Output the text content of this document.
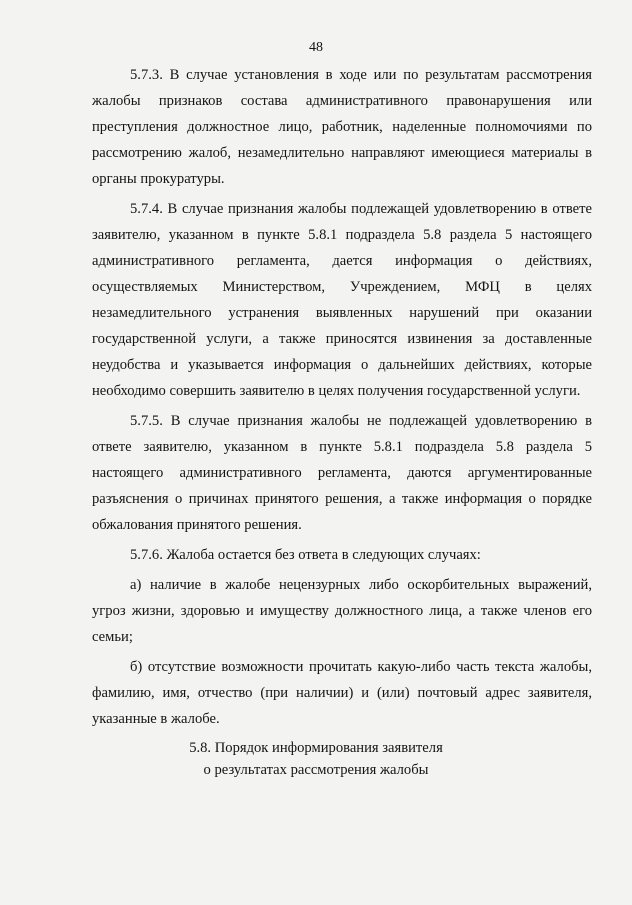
48

5.7.3. В случае установления в ходе или по результатам рассмотрения жалобы признаков состава административного правонарушения или преступления должностное лицо, работник, наделенные полномочиями по рассмотрению жалоб, незамедлительно направляют имеющиеся материалы в органы прокуратуры.

5.7.4. В случае признания жалобы подлежащей удовлетворению в ответе заявителю, указанном в пункте 5.8.1 подраздела 5.8 раздела 5 настоящего административного регламента, дается информация о действиях, осуществляемых Министерством, Учреждением, МФЦ в целях незамедлительного устранения выявленных нарушений при оказании государственной услуги, а также приносятся извинения за доставленные неудобства и указывается информация о дальнейших действиях, которые необходимо совершить заявителю в целях получения государственной услуги.

5.7.5. В случае признания жалобы не подлежащей удовлетворению в ответе заявителю, указанном в пункте 5.8.1 подраздела 5.8 раздела 5 настоящего административного регламента, даются аргументированные разъяснения о причинах принятого решения, а также информация о порядке обжалования принятого решения.

5.7.6. Жалоба остается без ответа в следующих случаях:

а) наличие в жалобе нецензурных либо оскорбительных выражений, угроз жизни, здоровью и имуществу должностного лица, а также членов его семьи;

б) отсутствие возможности прочитать какую-либо часть текста жалобы, фамилию, имя, отчество (при наличии) и (или) почтовый адрес заявителя, указанные в жалобе.

5.8. Порядок информирования заявителя
о результатах рассмотрения жалобы
